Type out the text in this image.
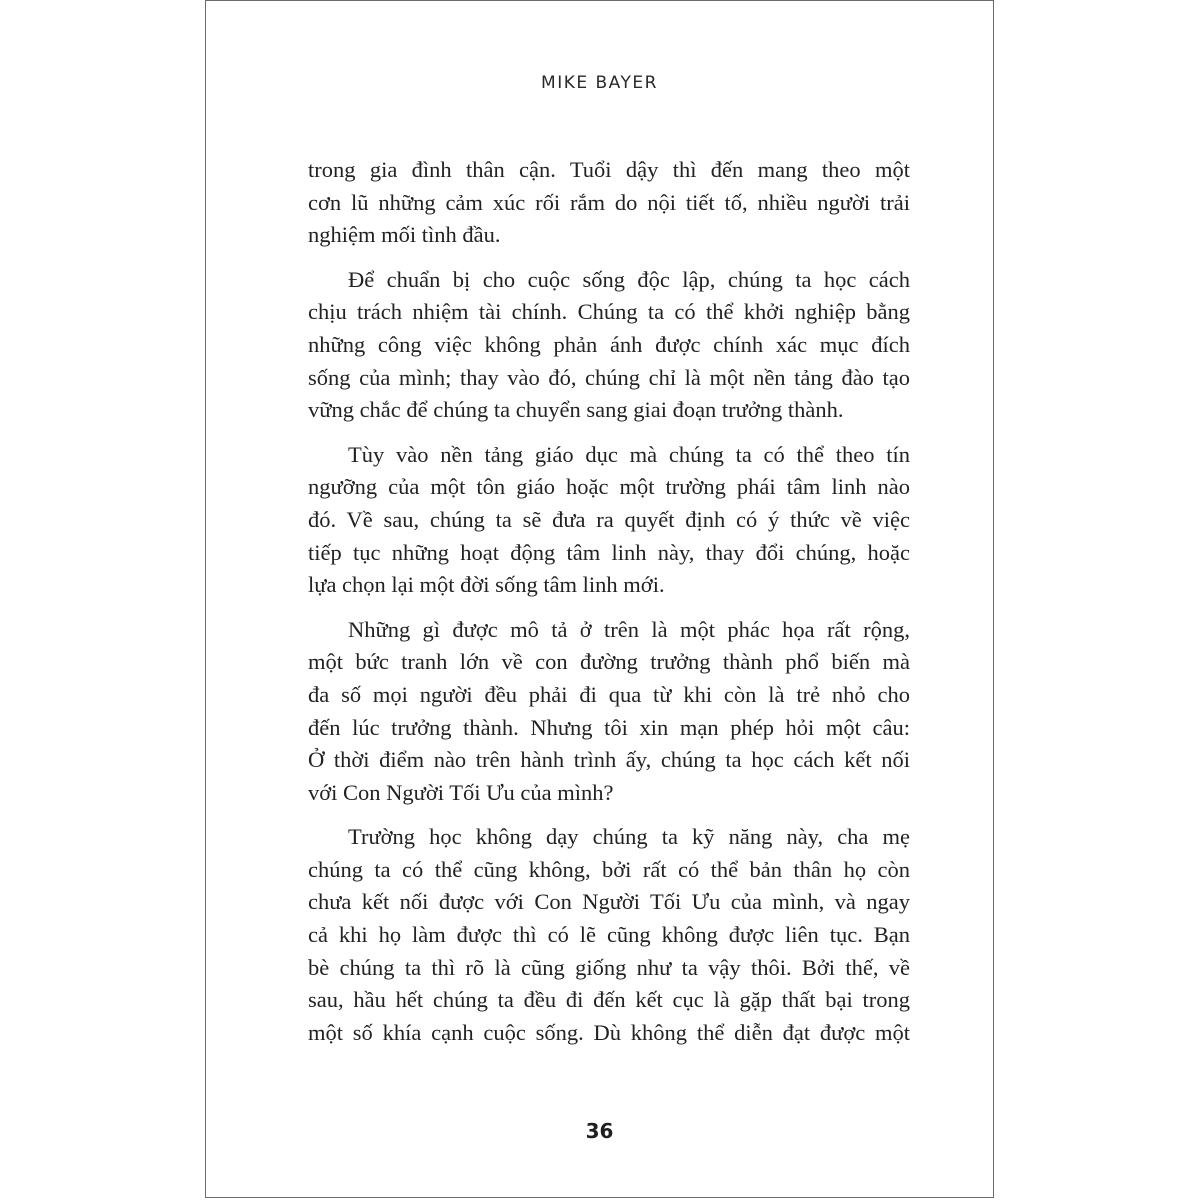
MIKE BAYER
trong gia đình thân cận. Tuổi dậy thì đến mang theo một
cơn lũ những cảm xúc rối rắm do nội tiết tố, nhiều người trải
nghiệm mối tình đầu.
Để chuẩn bị cho cuộc sống độc lập, chúng ta học cách
chịu trách nhiệm tài chính. Chúng ta có thể khởi nghiệp bằng
những công việc không phản ánh được chính xác mục đích
sống của mình; thay vào đó, chúng chỉ là một nền tảng đào tạo
vững chắc để chúng ta chuyển sang giai đoạn trưởng thành.
Tùy vào nền tảng giáo dục mà chúng ta có thể theo tín
ngưỡng của một tôn giáo hoặc một trường phái tâm linh nào
đó. Về sau, chúng ta sẽ đưa ra quyết định có ý thức về việc
tiếp tục những hoạt động tâm linh này, thay đổi chúng, hoặc
lựa chọn lại một đời sống tâm linh mới.
Những gì được mô tả ở trên là một phác họa rất rộng,
một bức tranh lớn về con đường trưởng thành phổ biến mà
đa số mọi người đều phải đi qua từ khi còn là trẻ nhỏ cho
đến lúc trưởng thành. Nhưng tôi xin mạn phép hỏi một câu:
Ở thời điểm nào trên hành trình ấy, chúng ta học cách kết nối
với Con Người Tối Ưu của mình?
Trường học không dạy chúng ta kỹ năng này, cha mẹ
chúng ta có thể cũng không, bởi rất có thể bản thân họ còn
chưa kết nối được với Con Người Tối Ưu của mình, và ngay
cả khi họ làm được thì có lẽ cũng không được liên tục. Bạn
bè chúng ta thì rõ là cũng giống như ta vậy thôi. Bởi thế, về
sau, hầu hết chúng ta đều đi đến kết cục là gặp thất bại trong
một số khía cạnh cuộc sống. Dù không thể diễn đạt được một
36
